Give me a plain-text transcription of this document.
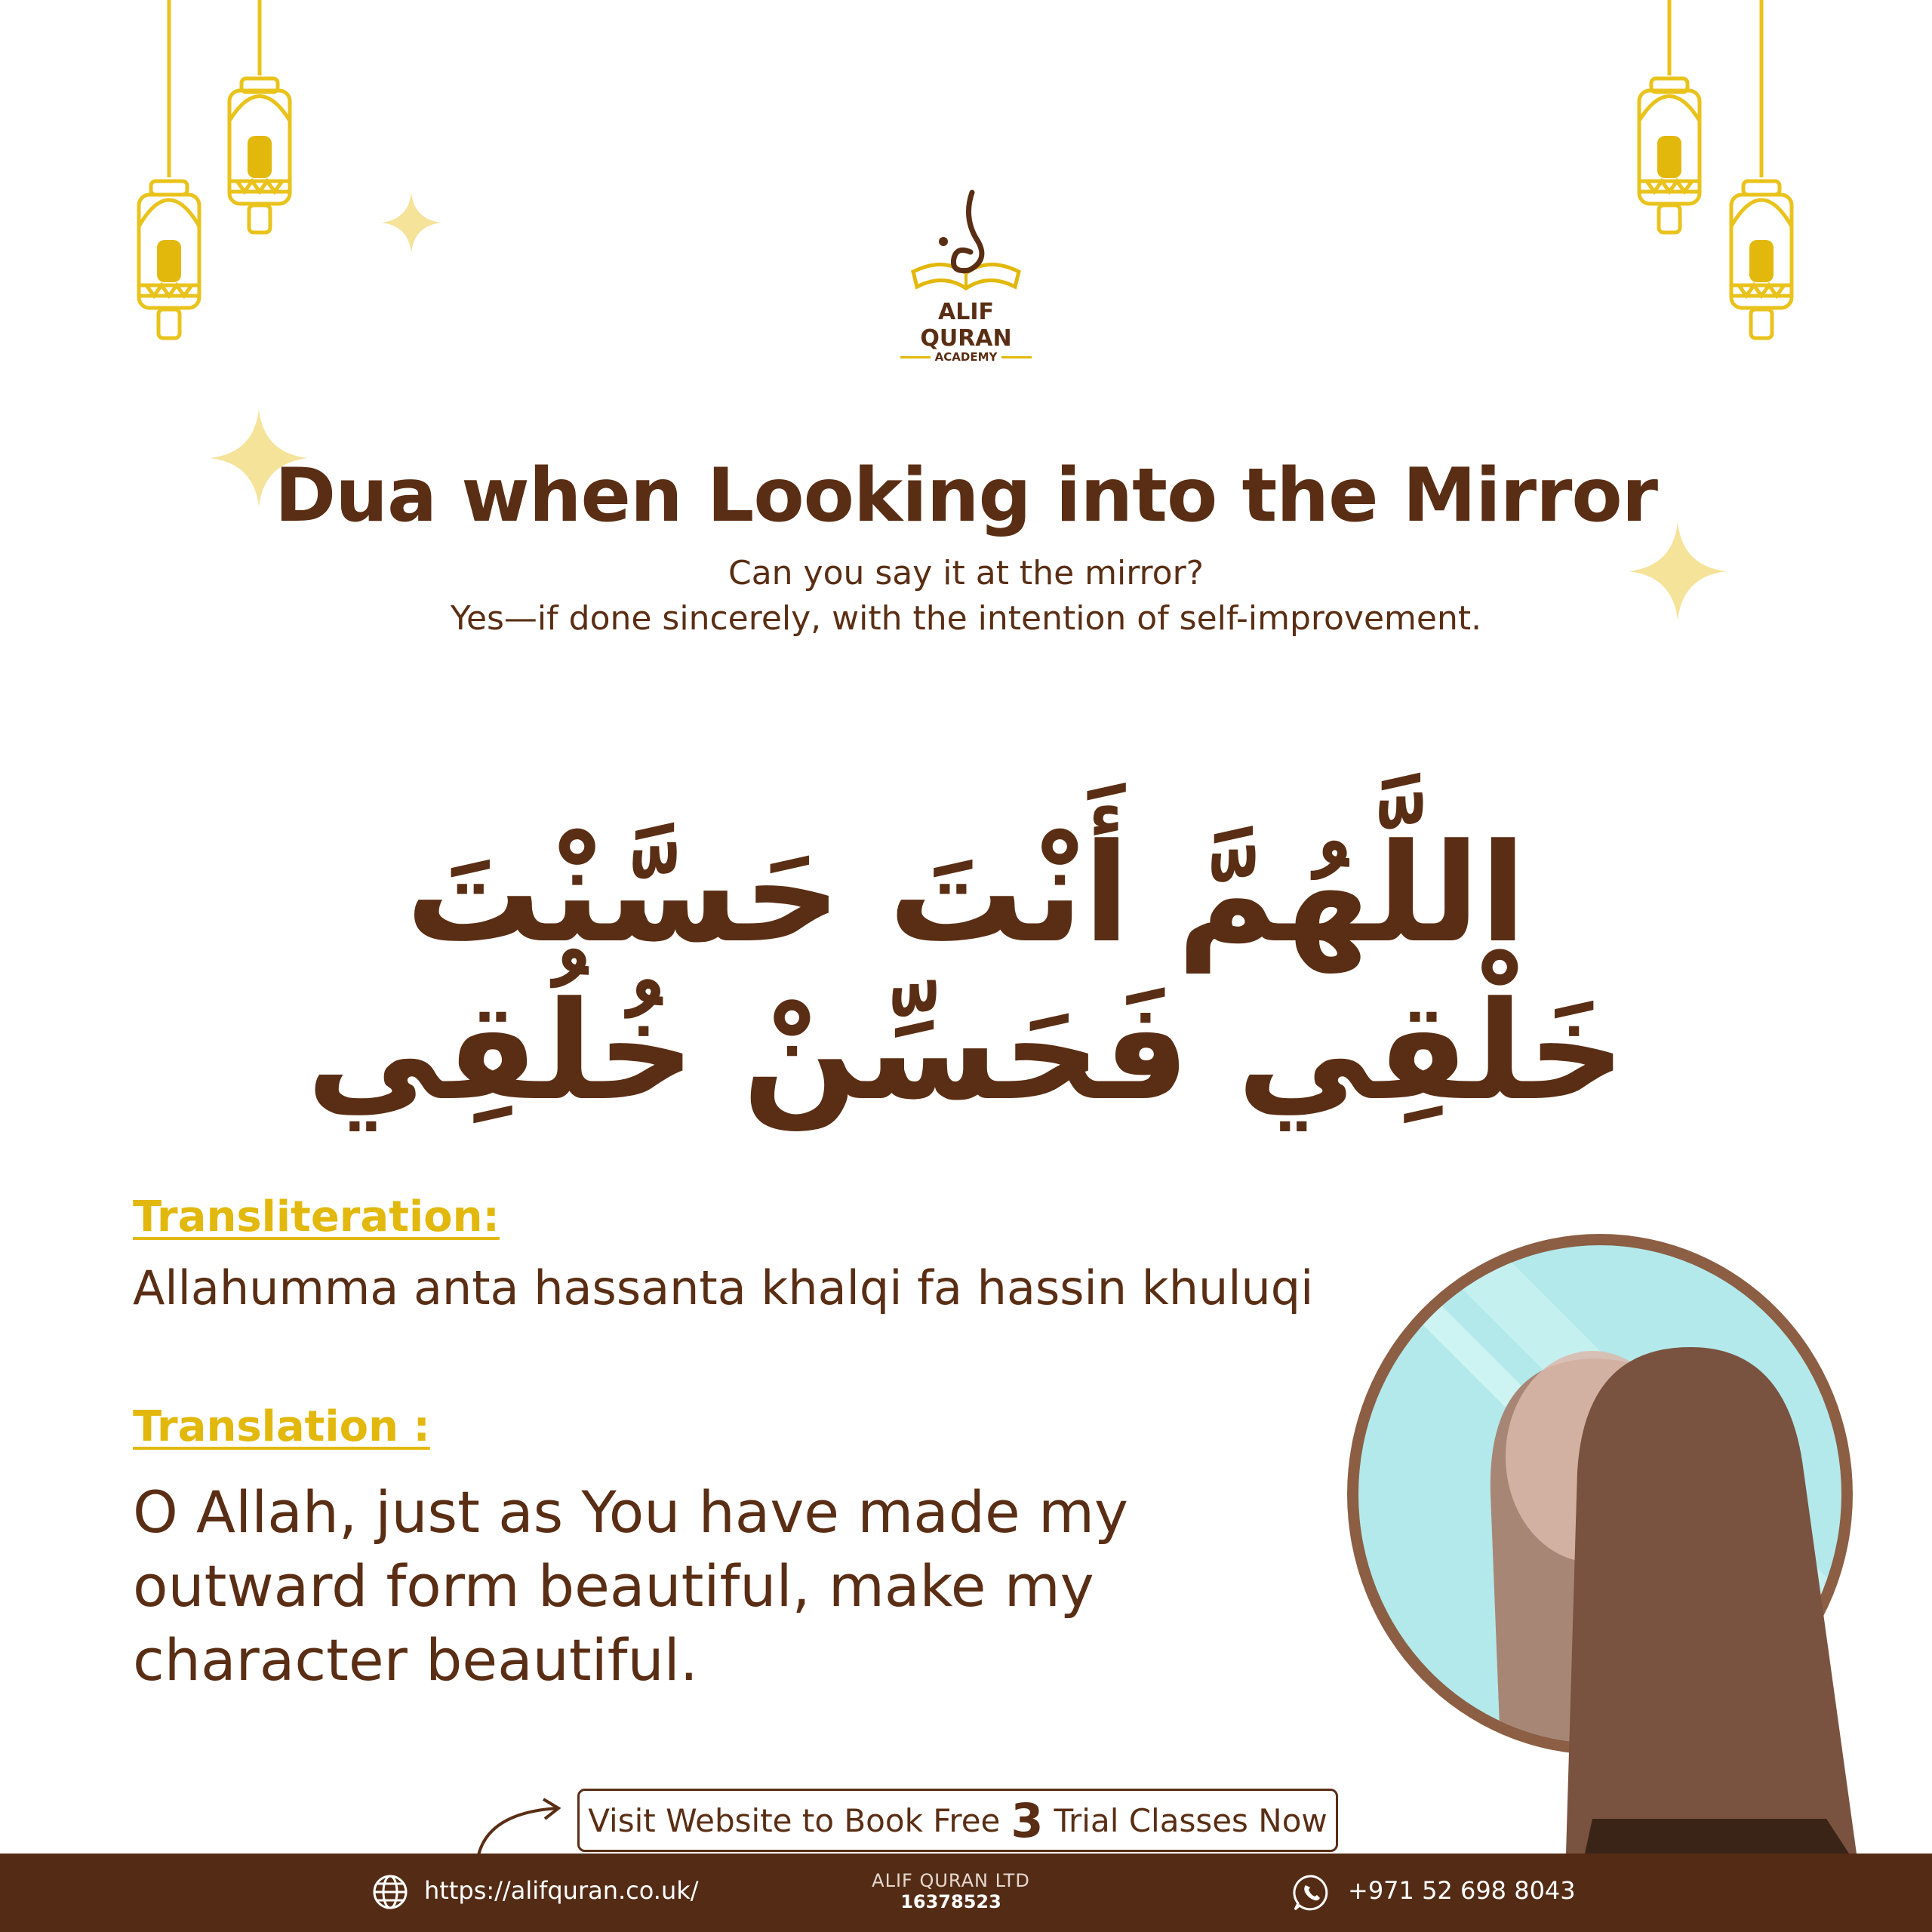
ALIF QURAN
ACADEMY
Dua when Looking into the Mirror
Can you say it at the mirror?
Yes—if done sincerely, with the intention of self-improvement.
اللَّهُمَّ أَنْتَ حَسَّنْتَ خَلْقِي فَحَسِّنْ خُلُقِي
Transliteration:
Allahumma anta hassanta khalqi fa hassin khuluqi
Translation :
O Allah, just as You have made my outward form beautiful, make my character beautiful.
Visit Website to Book Free 3 Trial Classes Now
https://alifquran.co.uk/	ALIF QURAN LTD
16378523	+971 52 698 8043
